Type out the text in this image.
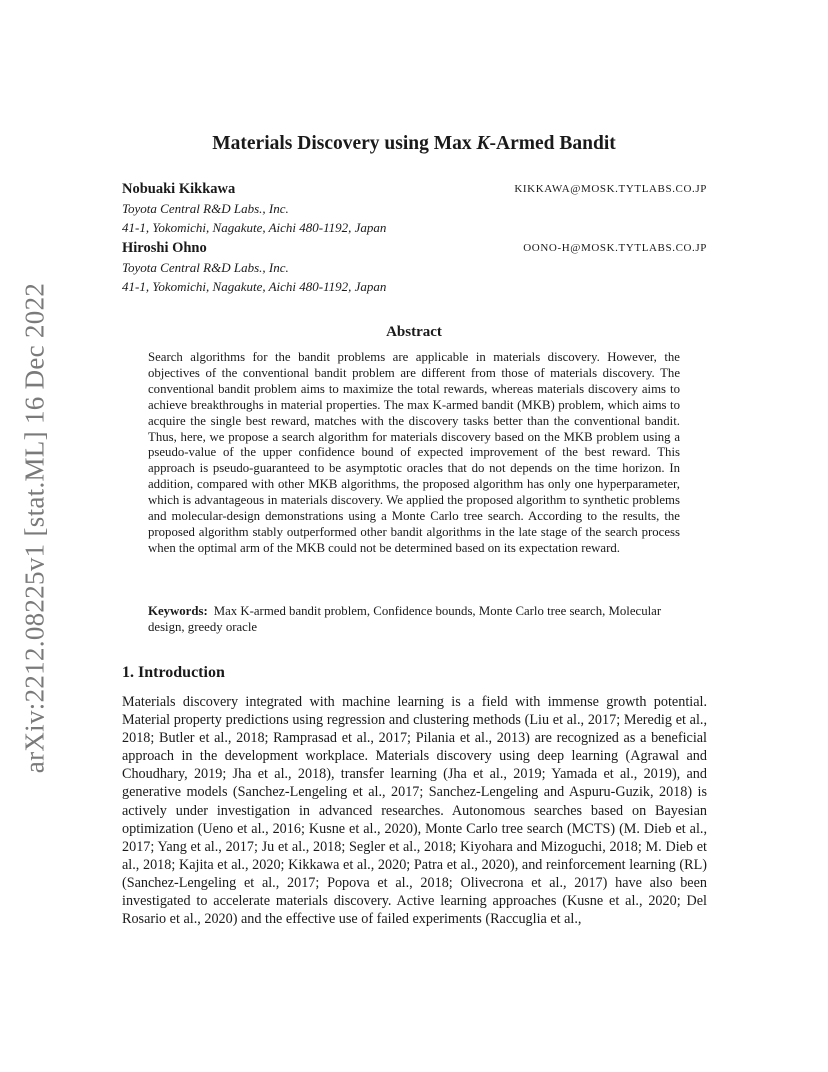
arXiv:2212.08225v1 [stat.ML] 16 Dec 2022
Materials Discovery using Max K-Armed Bandit
Nobuaki Kikkawa	KIKKAWA@MOSK.TYTLABS.CO.JP
Toyota Central R&D Labs., Inc.
41-1, Yokomichi, Nagakute, Aichi 480-1192, Japan
Hiroshi Ohno	OONO-H@MOSK.TYTLABS.CO.JP
Toyota Central R&D Labs., Inc.
41-1, Yokomichi, Nagakute, Aichi 480-1192, Japan
Abstract

Search algorithms for the bandit problems are applicable in materials discovery. However, the objectives of the conventional bandit problem are different from those of materials discovery. The conventional bandit problem aims to maximize the total rewards, whereas materials discovery aims to achieve breakthroughs in material properties. The max K-armed bandit (MKB) problem, which aims to acquire the single best reward, matches with the discovery tasks better than the conventional bandit. Thus, here, we propose a search algorithm for materials discovery based on the MKB problem using a pseudo-value of the upper confidence bound of expected improvement of the best reward. This approach is pseudo-guaranteed to be asymptotic oracles that do not depends on the time horizon. In addition, compared with other MKB algorithms, the proposed algorithm has only one hyperparameter, which is advantageous in materials discovery. We applied the proposed algorithm to synthetic problems and molecular-design demonstrations using a Monte Carlo tree search. According to the results, the proposed algorithm stably outperformed other bandit algorithms in the late stage of the search process when the optimal arm of the MKB could not be determined based on its expectation reward.

Keywords: Max K-armed bandit problem, Confidence bounds, Monte Carlo tree search, Molecular design, greedy oracle
1. Introduction

Materials discovery integrated with machine learning is a field with immense growth potential. Material property predictions using regression and clustering methods (Liu et al., 2017; Meredig et al., 2018; Butler et al., 2018; Ramprasad et al., 2017; Pilania et al., 2013) are recognized as a beneficial approach in the development workplace. Materials discovery using deep learning (Agrawal and Choudhary, 2019; Jha et al., 2018), transfer learning (Jha et al., 2019; Yamada et al., 2019), and generative models (Sanchez-Lengeling et al., 2017; Sanchez-Lengeling and Aspuru-Guzik, 2018) is actively under investigation in advanced researches. Autonomous searches based on Bayesian optimization (Ueno et al., 2016; Kusne et al., 2020), Monte Carlo tree search (MCTS) (M. Dieb et al., 2017; Yang et al., 2017; Ju et al., 2018; Segler et al., 2018; Kiyohara and Mizoguchi, 2018; M. Dieb et al., 2018; Kajita et al., 2020; Kikkawa et al., 2020; Patra et al., 2020), and reinforcement learning (RL) (Sanchez-Lengeling et al., 2017; Popova et al., 2018; Olivecrona et al., 2017) have also been investigated to accelerate materials discovery. Active learning approaches (Kusne et al., 2020; Del Rosario et al., 2020) and the effective use of failed experiments (Raccuglia et al.,
